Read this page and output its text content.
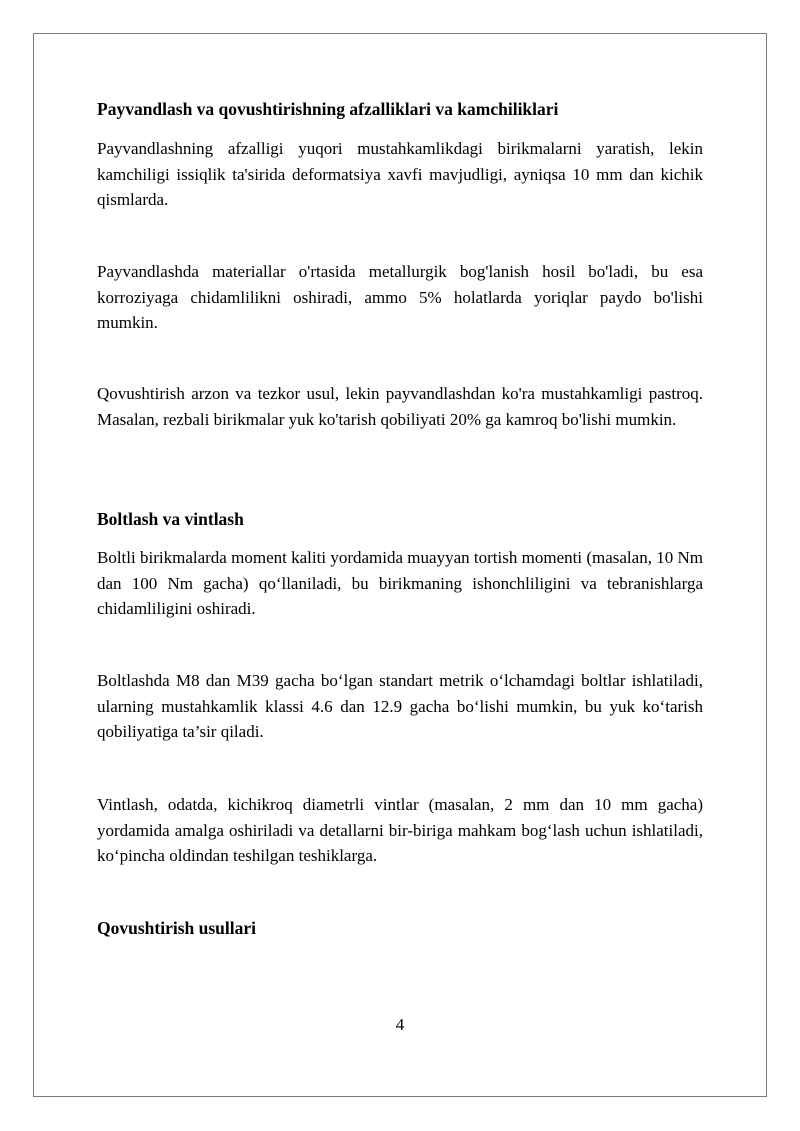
Payvandlash va qovushtirishning afzalliklari va kamchiliklari

Payvandlashning afzalligi yuqori mustahkamlikdagi birikmalarni yaratish, lekin kamchiligi issiqlik ta'sirida deformatsiya xavfi mavjudligi, ayniqsa 10 mm dan kichik qismlarda.

Payvandlashda materiallar o'rtasida metallurgik bog'lanish hosil bo'ladi, bu esa korroziyaga chidamlilikni oshiradi, ammo 5% holatlarda yoriqlar paydo bo'lishi mumkin.

Qovushtirish arzon va tezkor usul, lekin payvandlashdan ko'ra mustahkamligi pastroq. Masalan, rezbali birikmalar yuk ko'tarish qobiliyati 20% ga kamroq bo'lishi mumkin.

Boltlash va vintlash

Boltli birikmalarda moment kaliti yordamida muayyan tortish momenti (masalan, 10 Nm dan 100 Nm gacha) qo‘llaniladi, bu birikmaning ishonchliligini va tebranishlarga chidamliligini oshiradi.

Boltlashda M8 dan M39 gacha bo‘lgan standart metrik o‘lchamdagi boltlar ishlatiladi, ularning mustahkamlik klassi 4.6 dan 12.9 gacha bo‘lishi mumkin, bu yuk ko‘tarish qobiliyatiga ta’sir qiladi.

Vintlash, odatda, kichikroq diametrli vintlar (masalan, 2 mm dan 10 mm gacha) yordamida amalga oshiriladi va detallarni bir-biriga mahkam bog‘lash uchun ishlatiladi, ko‘pincha oldindan teshilgan teshiklarga.

Qovushtirish usullari
4
